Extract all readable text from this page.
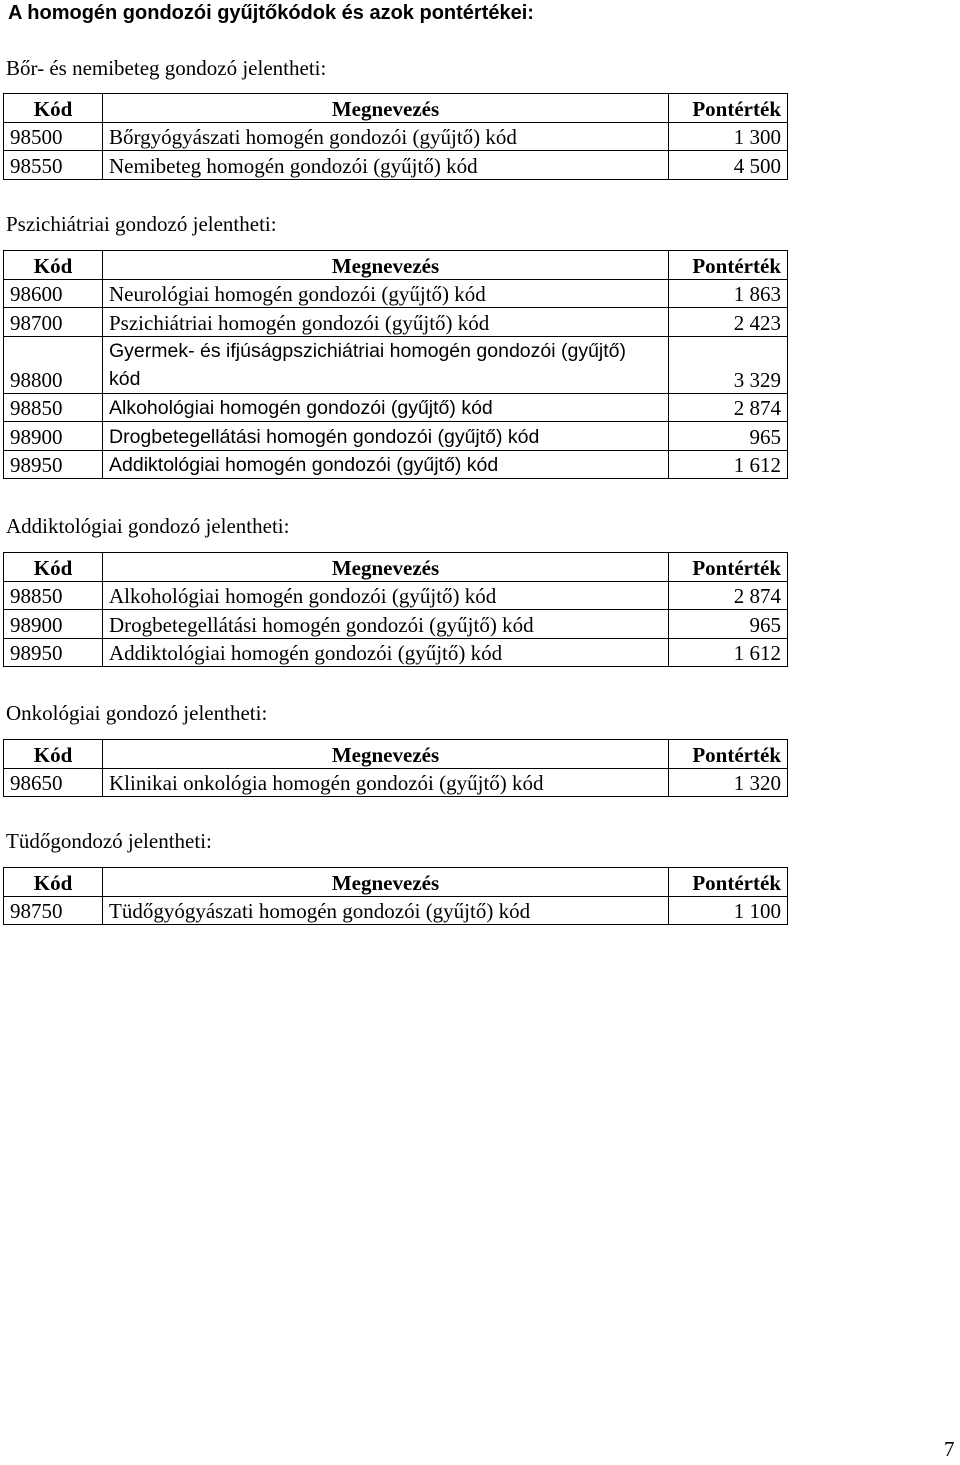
A homogén gondozói gyűjtőkódok és azok pontértékei:
Bőr- és nemibeteg gondozó jelentheti:
Kód	Megnevezés	Pontérték
98500	Bőrgyógyászati homogén gondozói (gyűjtő) kód	1 300
98550	Nemibeteg homogén gondozói (gyűjtő) kód	4 500
Pszichiátriai gondozó jelentheti:
Kód	Megnevezés	Pontérték
98600	Neurológiai homogén gondozói (gyűjtő) kód	1 863
98700	Pszichiátriai homogén gondozói (gyűjtő) kód	2 423
98800	Gyermek- és ifjúságpszichiátriai homogén gondozói (gyűjtő) kód	3 329
98850	Alkohológiai homogén gondozói (gyűjtő) kód	2 874
98900	Drogbetegellátási homogén gondozói (gyűjtő) kód	965
98950	Addiktológiai homogén gondozói (gyűjtő) kód	1 612
Addiktológiai gondozó jelentheti:
Kód	Megnevezés	Pontérték
98850	Alkohológiai homogén gondozói (gyűjtő) kód	2 874
98900	Drogbetegellátási homogén gondozói (gyűjtő) kód	965
98950	Addiktológiai homogén gondozói (gyűjtő) kód	1 612
Onkológiai gondozó jelentheti:
Kód	Megnevezés	Pontérték
98650	Klinikai onkológia homogén gondozói (gyűjtő) kód	1 320
Tüdőgondozó jelentheti:
Kód	Megnevezés	Pontérték
98750	Tüdőgyógyászati homogén gondozói (gyűjtő) kód	1 100
7
